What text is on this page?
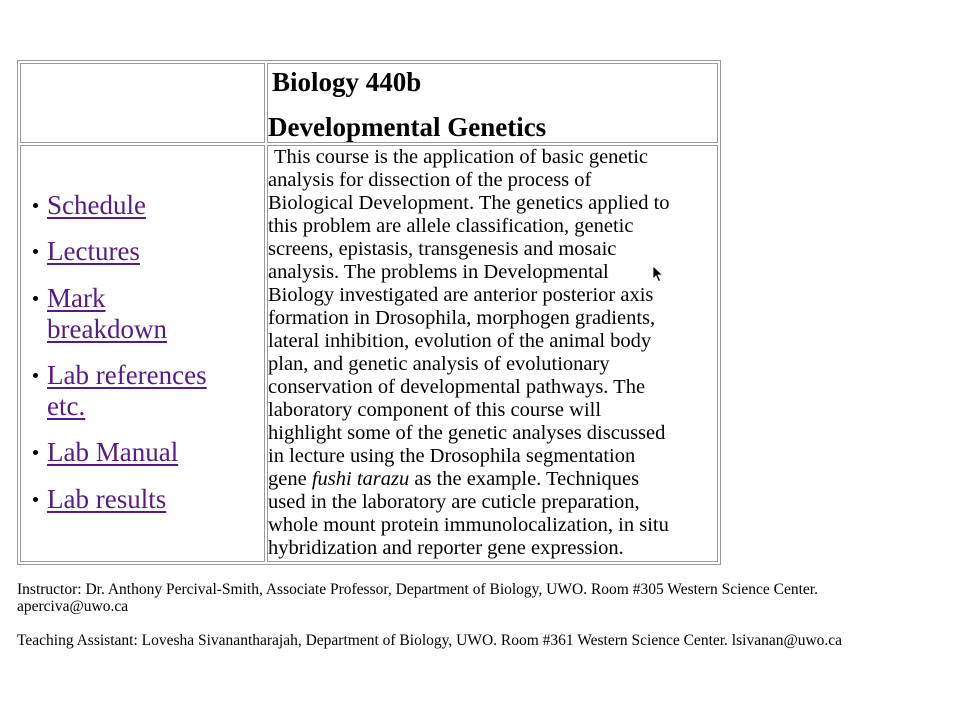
Biology 440b
Developmental Genetics
Schedule
Lectures
Mark
breakdown
Lab references
etc.
Lab Manual
Lab results
This course is the application of basic genetic
analysis for dissection of the process of
Biological Development. The genetics applied to
this problem are allele classification, genetic
screens, epistasis, transgenesis and mosaic
analysis. The problems in Developmental
Biology investigated are anterior posterior axis
formation in Drosophila, morphogen gradients,
lateral inhibition, evolution of the animal body
plan, and genetic analysis of evolutionary
conservation of developmental pathways. The
laboratory component of this course will
highlight some of the genetic analyses discussed
in lecture using the Drosophila segmentation
gene fushi tarazu as the example. Techniques
used in the laboratory are cuticle preparation,
whole mount protein immunolocalization, in situ
hybridization and reporter gene expression.
Instructor: Dr. Anthony Percival-Smith, Associate Professor, Department of Biology, UWO. Room #305 Western Science Center.
aperciva@uwo.ca
Teaching Assistant: Lovesha Sivanantharajah, Department of Biology, UWO. Room #361 Western Science Center. lsivanan@uwo.ca
